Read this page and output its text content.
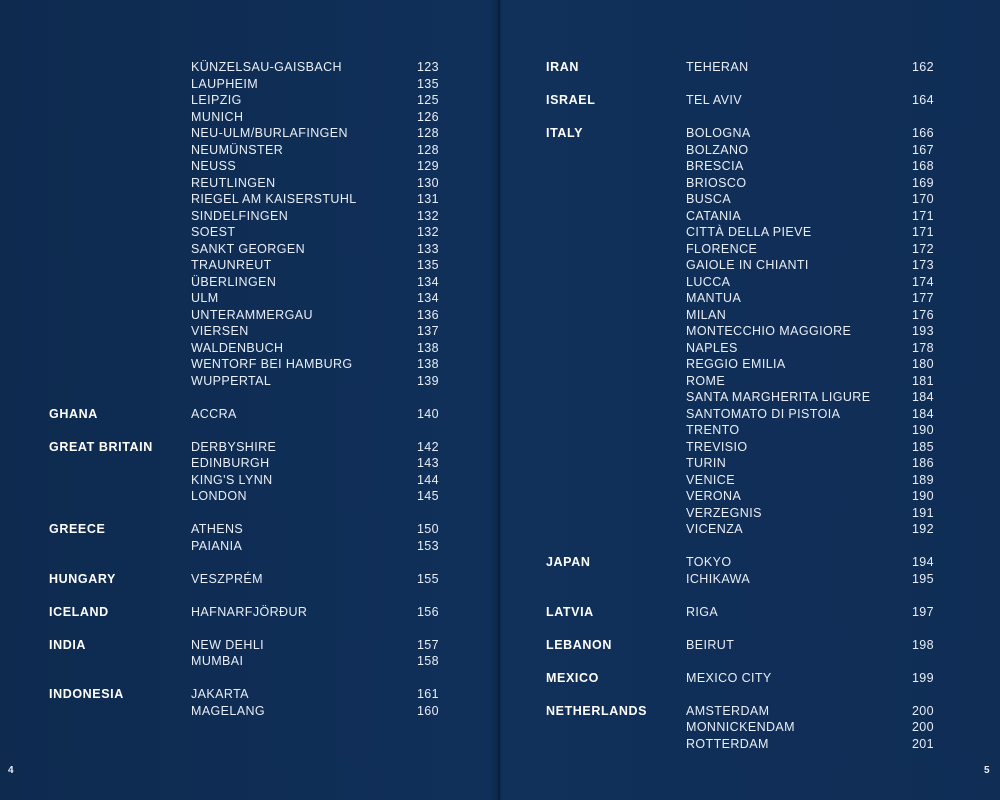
KÜNZELSAU-GAISBACH	123
LAUPHEIM	135
LEIPZIG	125
MUNICH	126
NEU-ULM/BURLAFINGEN	128
NEUMÜNSTER	128
NEUSS	129
REUTLINGEN	130
RIEGEL AM KAISERSTUHL	131
SINDELFINGEN	132
SOEST	132
SANKT GEORGEN	133
TRAUNREUT	135
ÜBERLINGEN	134
ULM	134
UNTERAMMERGAU	136
VIERSEN	137
WALDENBUCH	138
WENTORF BEI HAMBURG	138
WUPPERTAL	139
GHANA	ACCRA	140
GREAT BRITAIN	DERBYSHIRE	142
EDINBURGH	143
KING'S LYNN	144
LONDON	145
GREECE	ATHENS	150
PAIANIA	153
HUNGARY	VESZPRÉM	155
ICELAND	HAFNARFJÖRÐUR	156
INDIA	NEW DEHLI	157
MUMBAI	158
INDONESIA	JAKARTA	161
MAGELANG	160
IRAN	TEHERAN	162
ISRAEL	TEL AVIV	164
ITALY	BOLOGNA	166
BOLZANO	167
BRESCIA	168
BRIOSCO	169
BUSCA	170
CATANIA	171
CITTÀ DELLA PIEVE	171
FLORENCE	172
GAIOLE IN CHIANTI	173
LUCCA	174
MANTUA	177
MILAN	176
MONTECCHIO MAGGIORE	193
NAPLES	178
REGGIO EMILIA	180
ROME	181
SANTA MARGHERITA LIGURE	184
SANTOMATO DI PISTOIA	184
TRENTO	190
TREVISIO	185
TURIN	186
VENICE	189
VERONA	190
VERZEGNIS	191
VICENZA	192
JAPAN	TOKYO	194
ICHIKAWA	195
LATVIA	RIGA	197
LEBANON	BEIRUT	198
MEXICO	MEXICO CITY	199
NETHERLANDS	AMSTERDAM	200
MONNICKENDAM	200
ROTTERDAM	201
4	5
